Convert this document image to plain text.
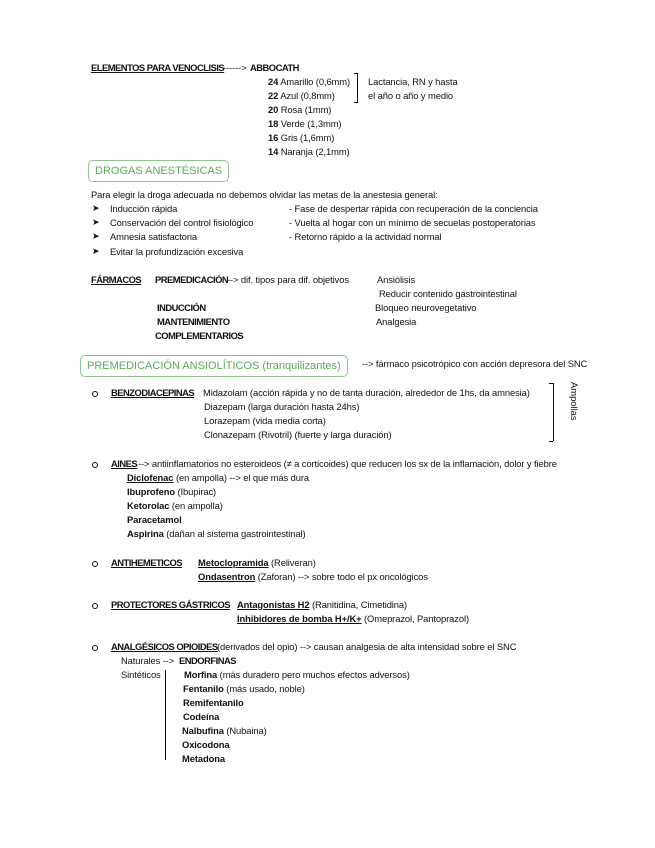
ELEMENTOS PARA VENOCLISIS
------> ABBOCATH
24 Amarillo (0,6mm)
22 Azul (0,8mm)
20 Rosa (1mm)
18 Verde (1,3mm)
16 Gris (1,6mm)
14 Naranja (2,1mm)
Lactancia, RN y hasta
el año o año y medio
DROGAS ANESTÉSICAS
Para elegir la droga adecuada no debemos olvidar las metas de la anestesia general:
➤ Inducción rápida
➤ Conservación del control fisiológico
➤ Amnesia satisfactoria
➤ Evitar la profundización excesiva
- Fase de despertar rápida con recuperación de la conciencia
- Vuelta al hogar con un mínimo de secuelas postoperatorias
- Retorno rápido a la actividad normal
FÁRMACOS PREMEDICACIÓN
--> dif. tipos para dif. objetivos
INDUCCIÓN
MANTENIMIENTO
COMPLEMENTARIOS
Ansiólisis
Reducir contenido gastrointestinal
Bloqueo neurovegetativo
Analgesia
PREMEDICACIÓN ANSIOLÍTICOS (tranquilizantes)	--> fármaco psicotrópico con acción depresora del SNC
BENZODIACEPINAS Midazolam (acción rápida y no de tanta duración, alrededor de 1hs, da amnesia)
Diazepam (larga duración hasta 24hs)
Lorazepam (vida media corta)
Clonazepam (Rivotril) (fuerte y larga duración)
Ampollas
AINES --> antiinflamatorios no esteroideos (≠ a corticoides) que reducen los sx de la inflamación, dolor y fiebre
Diclofenac (en ampolla) --> el que más dura
Ibuprofeno (Ibupirac)
Ketorolac (en ampolla)
Paracetamol
Aspirina (dañan al sistema gastrointestinal)
ANTIHEMETICOS Metoclopramida (Reliveran)
Ondasentron (Zaforan) --> sobre todo el px oncológicos
PROTECTORES GÁSTRICOS Antagonistas H2 (Ranitidina, Cimetidina)
Inhibidores de bomba H+/K+ (Omeprazol, Pantoprazol)
ANALGÉSICOS OPIOIDES (derivados del opio) --> causan analgesia de alta intensidad sobre el SNC
Naturales --> ENDORFINAS
Sintéticos Morfina (más duradero pero muchos efectos adversos)
Fentanilo (más usado, noble)
Remifentanilo
Codeína
Nalbufina (Nubaina)
Oxicodona
Metadona
